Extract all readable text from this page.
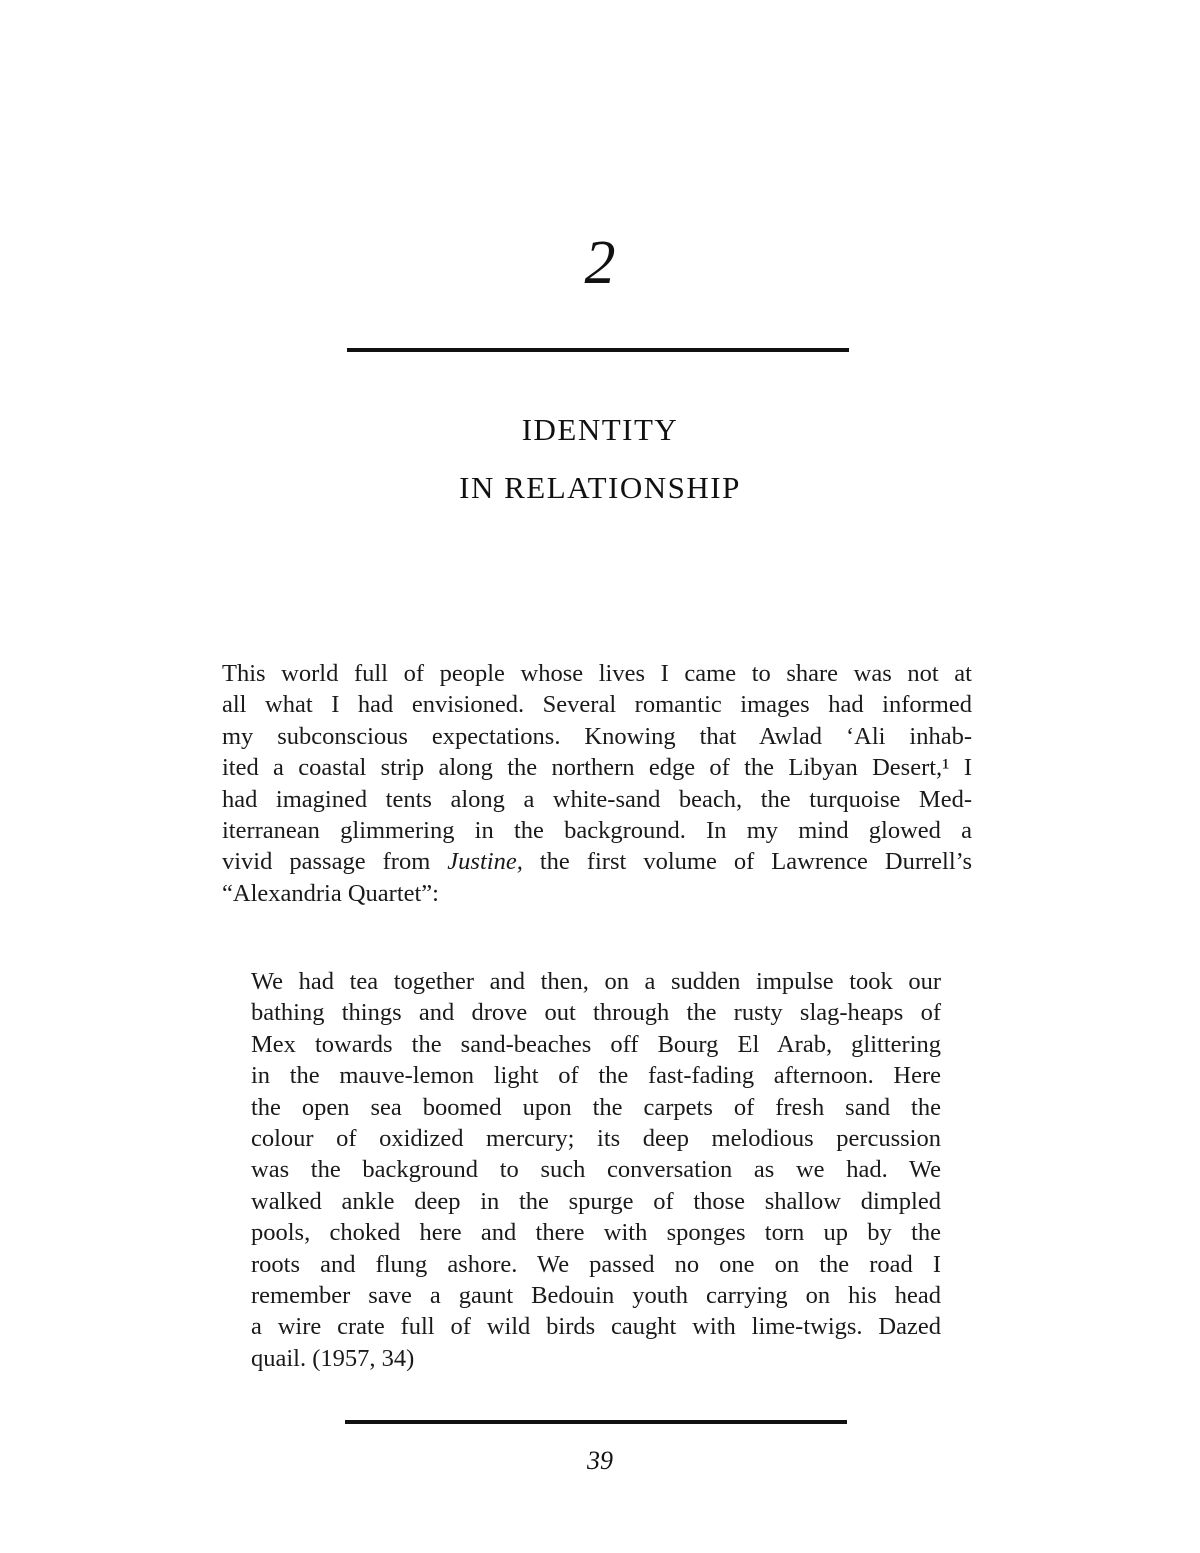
2
IDENTITY
IN RELATIONSHIP

This world full of people whose lives I came to share was not at
all what I had envisioned. Several romantic images had informed
my subconscious expectations. Knowing that Awlad ‘Ali inhab-
ited a coastal strip along the northern edge of the Libyan Desert,¹ I
had imagined tents along a white-sand beach, the turquoise Med-
iterranean glimmering in the background. In my mind glowed a
vivid passage from Justine, the first volume of Lawrence Durrell’s
“Alexandria Quartet”:

We had tea together and then, on a sudden impulse took our
bathing things and drove out through the rusty slag-heaps of
Mex towards the sand-beaches off Bourg El Arab, glittering
in the mauve-lemon light of the fast-fading afternoon. Here
the open sea boomed upon the carpets of fresh sand the
colour of oxidized mercury; its deep melodious percussion
was the background to such conversation as we had. We
walked ankle deep in the spurge of those shallow dimpled
pools, choked here and there with sponges torn up by the
roots and flung ashore. We passed no one on the road I
remember save a gaunt Bedouin youth carrying on his head
a wire crate full of wild birds caught with lime-twigs. Dazed
quail. (1957, 34)

39
